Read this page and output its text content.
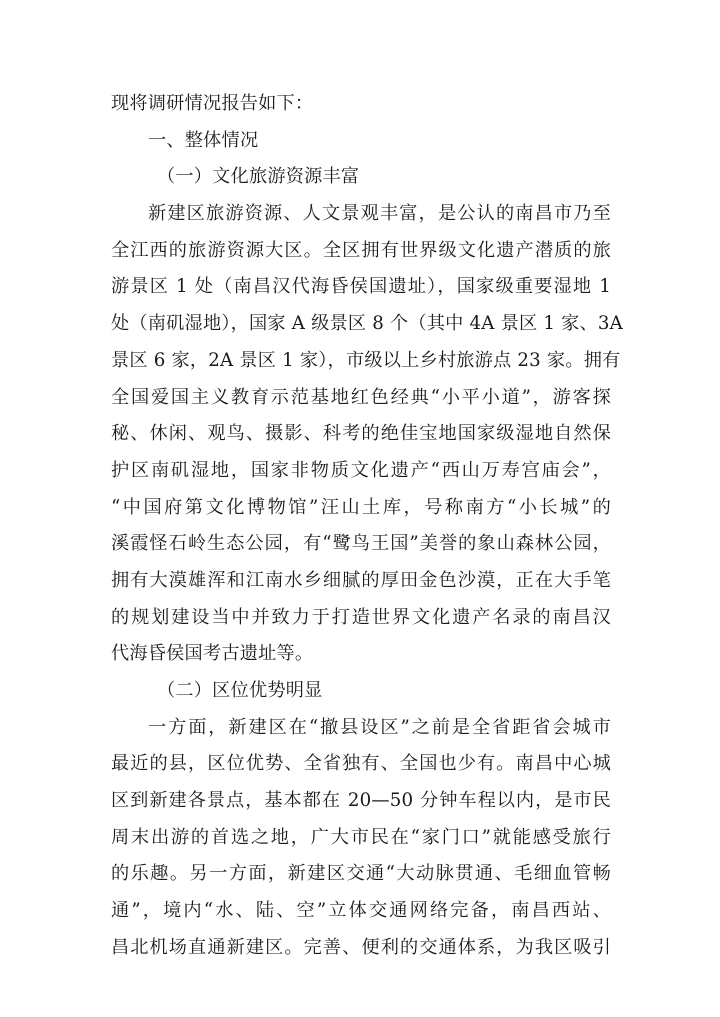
现将调研情况报告如下：
一、整体情况
（一）文化旅游资源丰富
新建区旅游资源、人文景观丰富，是公认的南昌市乃至
全江西的旅游资源大区。全区拥有世界级文化遗产潜质的旅
游景区 1 处（南昌汉代海昏侯国遗址），国家级重要湿地 1
处（南矶湿地），国家 A 级景区 8 个（其中 4A 景区 1 家、3A
景区 6 家，2A 景区 1 家），市级以上乡村旅游点 23 家。拥有
全国爱国主义教育示范基地红色经典“小平小道”，游客探
秘、休闲、观鸟、摄影、科考的绝佳宝地国家级湿地自然保
护区南矶湿地，国家非物质文化遗产“西山万寿宫庙会”，
“中国府第文化博物馆”汪山土库，号称南方“小长城”的
溪霞怪石岭生态公园，有“鹭鸟王国”美誉的象山森林公园，
拥有大漠雄浑和江南水乡细腻的厚田金色沙漠，正在大手笔
的规划建设当中并致力于打造世界文化遗产名录的南昌汉
代海昏侯国考古遗址等。
（二）区位优势明显
一方面，新建区在“撤县设区”之前是全省距省会城市
最近的县，区位优势、全省独有、全国也少有。南昌中心城
区到新建各景点，基本都在 20—50 分钟车程以内，是市民
周末出游的首选之地，广大市民在“家门口”就能感受旅行
的乐趣。另一方面，新建区交通“大动脉贯通、毛细血管畅
通”，境内“水、陆、空”立体交通网络完备，南昌西站、
昌北机场直通新建区。完善、便利的交通体系，为我区吸引
